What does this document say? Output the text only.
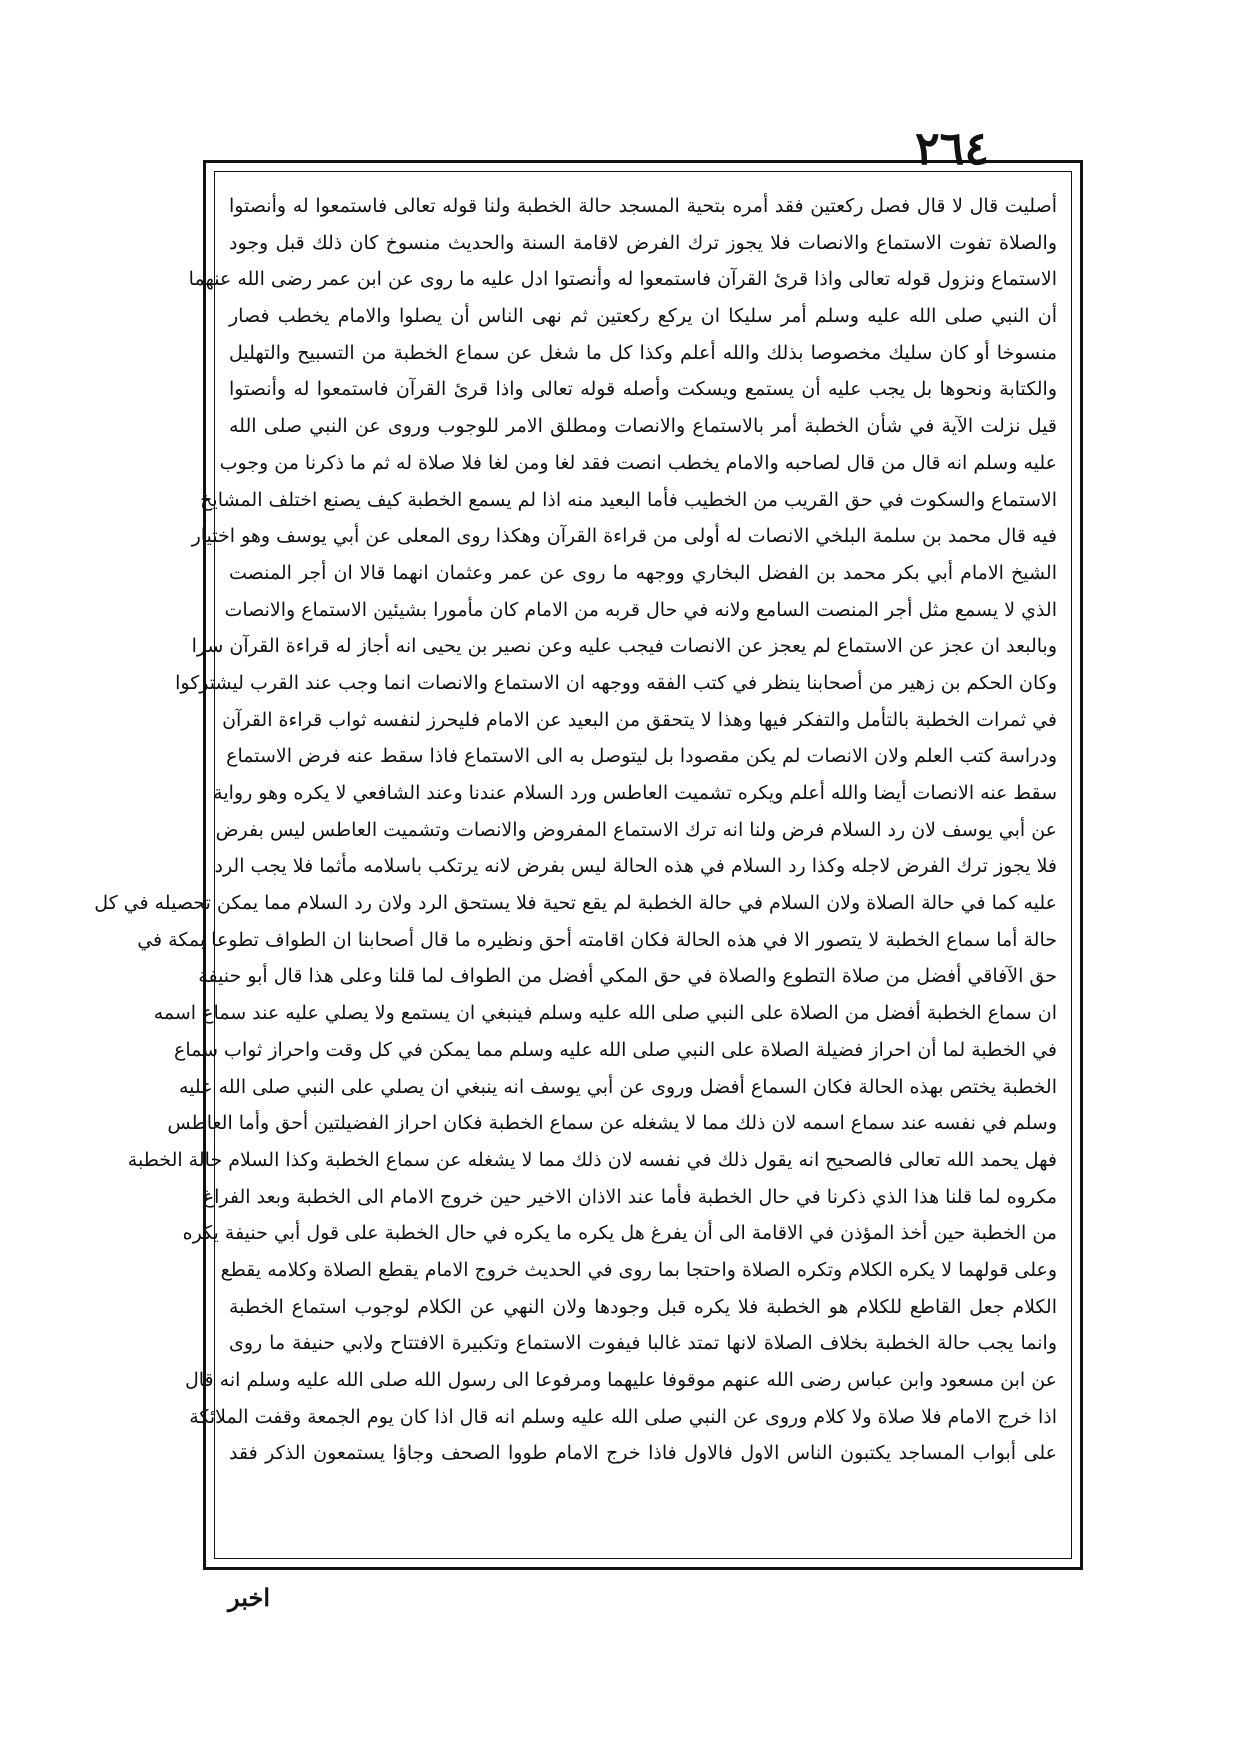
٢٦٤
أصليت قال لا قال فصل ركعتين فقد أمره بتحية المسجد حالة الخطبة ولنا قوله تعالى فاستمعوا له وأنصتوا
والصلاة تفوت الاستماع والانصات فلا يجوز ترك الفرض لاقامة السنة والحديث منسوخ كان ذلك قبل وجود
الاستماع ونزول قوله تعالى واذا قرئ القرآن فاستمعوا له وأنصتوا ادل عليه ما روى عن ابن عمر رضى الله عنهما
أن النبي صلى الله عليه وسلم أمر سليكا ان يركع ركعتين ثم نهى الناس أن يصلوا والامام يخطب فصار
منسوخا أو كان سليك مخصوصا بذلك والله أعلم وكذا كل ما شغل عن سماع الخطبة من التسبيح والتهليل
والكتابة ونحوها بل يجب عليه أن يستمع ويسكت وأصله قوله تعالى واذا قرئ القرآن فاستمعوا له وأنصتوا
قيل نزلت الآية في شأن الخطبة أمر بالاستماع والانصات ومطلق الامر للوجوب وروى عن النبي صلى الله
عليه وسلم انه قال من قال لصاحبه والامام يخطب انصت فقد لغا ومن لغا فلا صلاة له ثم ما ذكرنا من وجوب
الاستماع والسكوت في حق القريب من الخطيب فأما البعيد منه اذا لم يسمع الخطبة كيف يصنع اختلف المشايخ
فيه قال محمد بن سلمة البلخي الانصات له أولى من قراءة القرآن وهكذا روى المعلى عن أبي يوسف وهو اختيار
الشيخ الامام أبي بكر محمد بن الفضل البخاري ووجهه ما روى عن عمر وعثمان انهما قالا ان أجر المنصت
الذي لا يسمع مثل أجر المنصت السامع ولانه في حال قربه من الامام كان مأمورا بشيئين الاستماع والانصات
وبالبعد ان عجز عن الاستماع لم يعجز عن الانصات فيجب عليه وعن نصير بن يحيى انه أجاز له قراءة القرآن سرا
وكان الحكم بن زهير من أصحابنا ينظر في كتب الفقه ووجهه ان الاستماع والانصات انما وجب عند القرب ليشتركوا
في ثمرات الخطبة بالتأمل والتفكر فيها وهذا لا يتحقق من البعيد عن الامام فليحرز لنفسه ثواب قراءة القرآن
ودراسة كتب العلم ولان الانصات لم يكن مقصودا بل ليتوصل به الى الاستماع فاذا سقط عنه فرض الاستماع
سقط عنه الانصات أيضا والله أعلم ويكره تشميت العاطس ورد السلام عندنا وعند الشافعي لا يكره وهو رواية
عن أبي يوسف لان رد السلام فرض ولنا انه ترك الاستماع المفروض والانصات وتشميت العاطس ليس بفرض
فلا يجوز ترك الفرض لاجله وكذا رد السلام في هذه الحالة ليس بفرض لانه يرتكب باسلامه مأثما فلا يجب الرد
عليه كما في حالة الصلاة ولان السلام في حالة الخطبة لم يقع تحية فلا يستحق الرد ولان رد السلام مما يمكن تحصيله في كل
حالة أما سماع الخطبة لا يتصور الا في هذه الحالة فكان اقامته أحق ونظيره ما قال أصحابنا ان الطواف تطوعا بمكة في
حق الآفاقي أفضل من صلاة التطوع والصلاة في حق المكي أفضل من الطواف لما قلنا وعلى هذا قال أبو حنيفة
ان سماع الخطبة أفضل من الصلاة على النبي صلى الله عليه وسلم فينبغي ان يستمع ولا يصلي عليه عند سماع اسمه
في الخطبة لما أن احراز فضيلة الصلاة على النبي صلى الله عليه وسلم مما يمكن في كل وقت واحراز ثواب سماع
الخطبة يختص بهذه الحالة فكان السماع أفضل وروى عن أبي يوسف انه ينبغي ان يصلي على النبي صلى الله عليه
وسلم في نفسه عند سماع اسمه لان ذلك مما لا يشغله عن سماع الخطبة فكان احراز الفضيلتين أحق وأما العاطس
فهل يحمد الله تعالى فالصحيح انه يقول ذلك في نفسه لان ذلك مما لا يشغله عن سماع الخطبة وكذا السلام حالة الخطبة
مكروه لما قلنا هذا الذي ذكرنا في حال الخطبة فأما عند الاذان الاخير حين خروج الامام الى الخطبة وبعد الفراغ
من الخطبة حين أخذ المؤذن في الاقامة الى أن يفرغ هل يكره ما يكره في حال الخطبة على قول أبي حنيفة يكره
وعلى قولهما لا يكره الكلام وتكره الصلاة واحتجا بما روى في الحديث خروج الامام يقطع الصلاة وكلامه يقطع
الكلام جعل القاطع للكلام هو الخطبة فلا يكره قبل وجودها ولان النهي عن الكلام لوجوب استماع الخطبة
وانما يجب حالة الخطبة بخلاف الصلاة لانها تمتد غالبا فيفوت الاستماع وتكبيرة الافتتاح ولابي حنيفة ما روى
عن ابن مسعود وابن عباس رضى الله عنهم موقوفا عليهما ومرفوعا الى رسول الله صلى الله عليه وسلم انه قال
اذا خرج الامام فلا صلاة ولا كلام وروى عن النبي صلى الله عليه وسلم انه قال اذا كان يوم الجمعة وقفت الملائكة
على أبواب المساجد يكتبون الناس الاول فالاول فاذا خرج الامام طووا الصحف وجاؤا يستمعون الذكر فقد
اخبر
